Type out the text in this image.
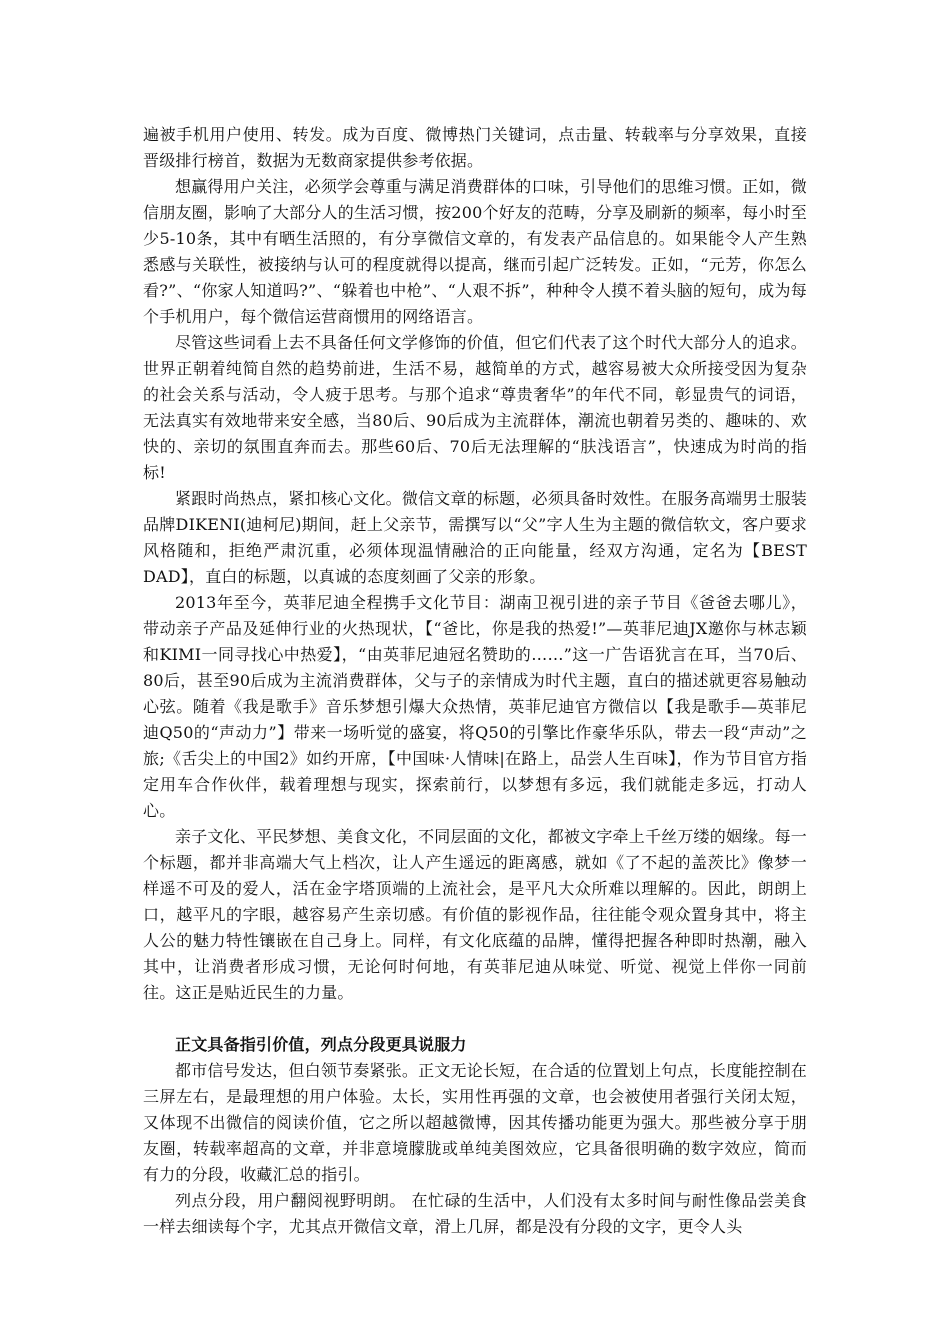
遍被手机用户使用、转发。成为百度、微博热门关键词，点击量、转载率与分享效果，直接晋级排行榜首，数据为无数商家提供参考依据。

想赢得用户关注，必须学会尊重与满足消费群体的口味，引导他们的思维习惯。正如，微信朋友圈，影响了大部分人的生活习惯，按200个好友的范畴，分享及刷新的频率，每小时至少5-10条，其中有晒生活照的，有分享微信文章的，有发表产品信息的。如果能令人产生熟悉感与关联性，被接纳与认可的程度就得以提高，继而引起广泛转发。正如，“元芳，你怎么看?”、“你家人知道吗?”、“躲着也中枪”、“人艰不拆”，种种令人摸不着头脑的短句，成为每个手机用户，每个微信运营商惯用的网络语言。

尽管这些词看上去不具备任何文学修饰的价值，但它们代表了这个时代大部分人的追求。世界正朝着纯简自然的趋势前进，生活不易，越简单的方式，越容易被大众所接受因为复杂的社会关系与活动，令人疲于思考。与那个追求“尊贵奢华”的年代不同，彰显贵气的词语，无法真实有效地带来安全感，当80后、90后成为主流群体，潮流也朝着另类的、趣味的、欢快的、亲切的氛围直奔而去。那些60后、70后无法理解的“肤浅语言”，快速成为时尚的指标!

紧跟时尚热点，紧扣核心文化。微信文章的标题，必须具备时效性。在服务高端男士服装品牌DIKENI(迪柯尼)期间，赶上父亲节，需撰写以“父”字人生为主题的微信软文，客户要求风格随和，拒绝严肃沉重，必须体现温情融洽的正向能量，经双方沟通，定名为【BEST DAD】，直白的标题，以真诚的态度刻画了父亲的形象。

2013年至今，英菲尼迪全程携手文化节目：湖南卫视引进的亲子节目《爸爸去哪儿》，带动亲子产品及延伸行业的火热现状，【“爸比，你是我的热爱!”—英菲尼迪JX邀你与林志颖和KIMI一同寻找心中热爱】，“由英菲尼迪冠名赞助的……”这一广告语犹言在耳，当70后、80后，甚至90后成为主流消费群体，父与子的亲情成为时代主题，直白的描述就更容易触动心弦。随着《我是歌手》音乐梦想引爆大众热情，英菲尼迪官方微信以【我是歌手—英菲尼迪Q50的“声动力”】带来一场听觉的盛宴，将Q50的引擎比作豪华乐队，带去一段“声动”之旅;《舌尖上的中国2》如约开席，【中国味·人情味|在路上，品尝人生百味】，作为节目官方指定用车合作伙伴，载着理想与现实，探索前行，以梦想有多远，我们就能走多远，打动人心。

亲子文化、平民梦想、美食文化，不同层面的文化，都被文字牵上千丝万缕的姻缘。每一个标题，都并非高端大气上档次，让人产生遥远的距离感，就如《了不起的盖茨比》像梦一样遥不可及的爱人，活在金字塔顶端的上流社会，是平凡大众所难以理解的。因此，朗朗上口，越平凡的字眼，越容易产生亲切感。有价值的影视作品，往往能令观众置身其中，将主人公的魅力特性镶嵌在自己身上。同样，有文化底蕴的品牌，懂得把握各种即时热潮，融入其中，让消费者形成习惯，无论何时何地，有英菲尼迪从味觉、听觉、视觉上伴你一同前往。这正是贴近民生的力量。

正文具备指引价值，列点分段更具说服力

都市信号发达，但白领节奏紧张。正文无论长短，在合适的位置划上句点，长度能控制在三屏左右，是最理想的用户体验。太长，实用性再强的文章，也会被使用者强行关闭太短，又体现不出微信的阅读价值，它之所以超越微博，因其传播功能更为强大。那些被分享于朋友圈，转载率超高的文章，并非意境朦胧或单纯美图效应，它具备很明确的数字效应，简而有力的分段，收藏汇总的指引。

列点分段，用户翻阅视野明朗。 在忙碌的生活中，人们没有太多时间与耐性像品尝美食一样去细读每个字，尤其点开微信文章，滑上几屏，都是没有分段的文字，更令人头
